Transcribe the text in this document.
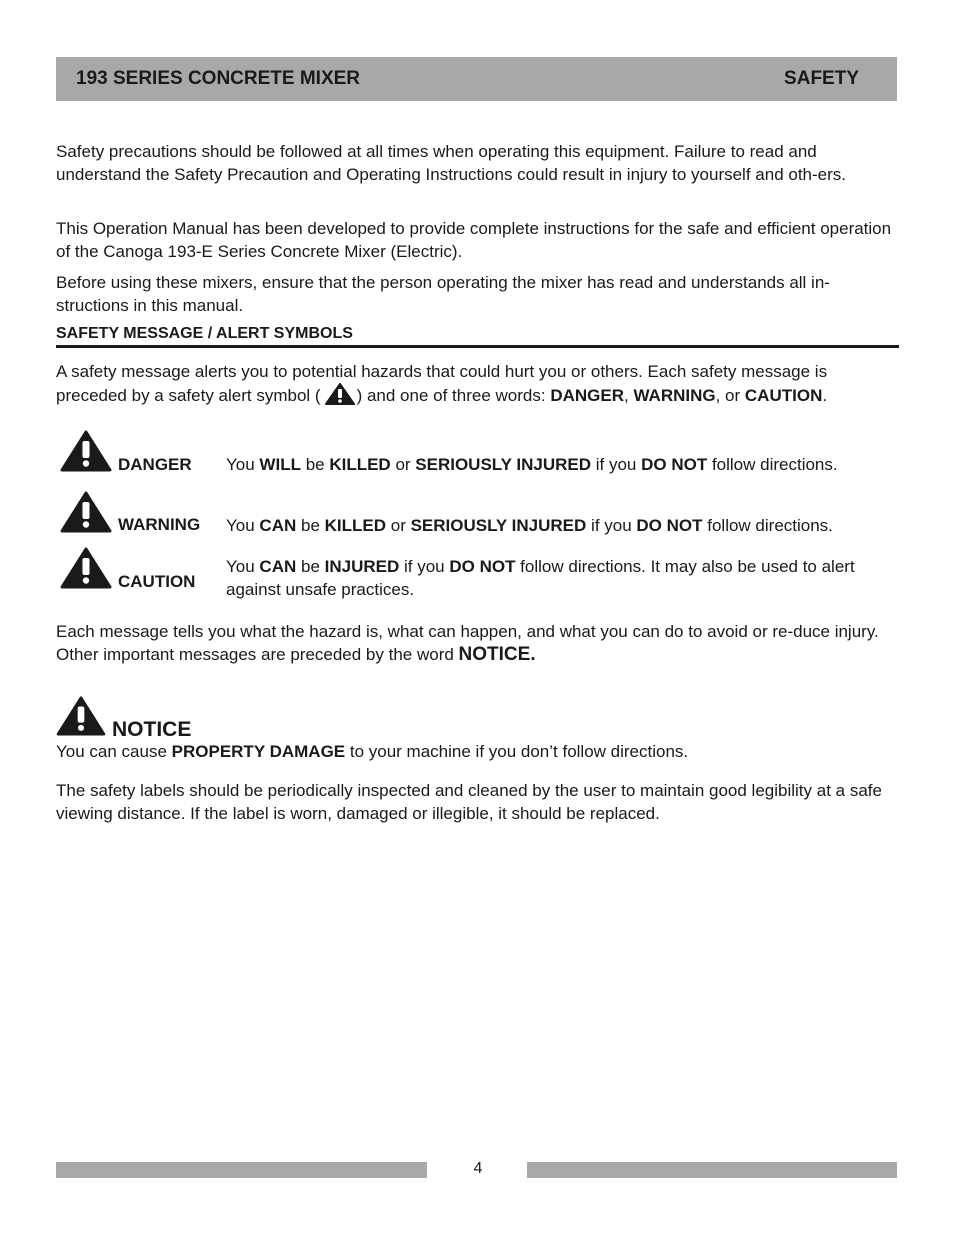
193 SERIES CONCRETE MIXER	SAFETY

Safety precautions should be followed at all times when operating this equipment. Failure to read and understand the Safety Precaution and Operating Instructions could result in injury to yourself and oth-ers.

This Operation Manual has been developed to provide complete instructions for the safe and efficient operation of the Canoga 193-E Series Concrete Mixer (Electric).

Before using these mixers, ensure that the person operating the mixer has read and understands all in-structions in this manual.

SAFETY MESSAGE / ALERT SYMBOLS

A safety message alerts you to potential hazards that could hurt you or others. Each safety message is preceded by a safety alert symbol ( ) and one of three words: DANGER, WARNING, or CAUTION.

DANGER You WILL be KILLED or SERIOUSLY INJURED if you DO NOT follow directions.
WARNING You CAN be KILLED or SERIOUSLY INJURED if you DO NOT follow directions.
CAUTION
You CAN be INJURED if you DO NOT follow directions. It may also be used to alert against unsafe practices.

Each message tells you what the hazard is, what can happen, and what you can do to avoid or re-duce injury. Other important messages are preceded by the word NOTICE.

NOTICE

You can cause PROPERTY DAMAGE to your machine if you don’t follow directions.

The safety labels should be periodically inspected and cleaned by the user to maintain good legibility at a safe viewing distance. If the label is worn, damaged or illegible, it should be replaced.

4
